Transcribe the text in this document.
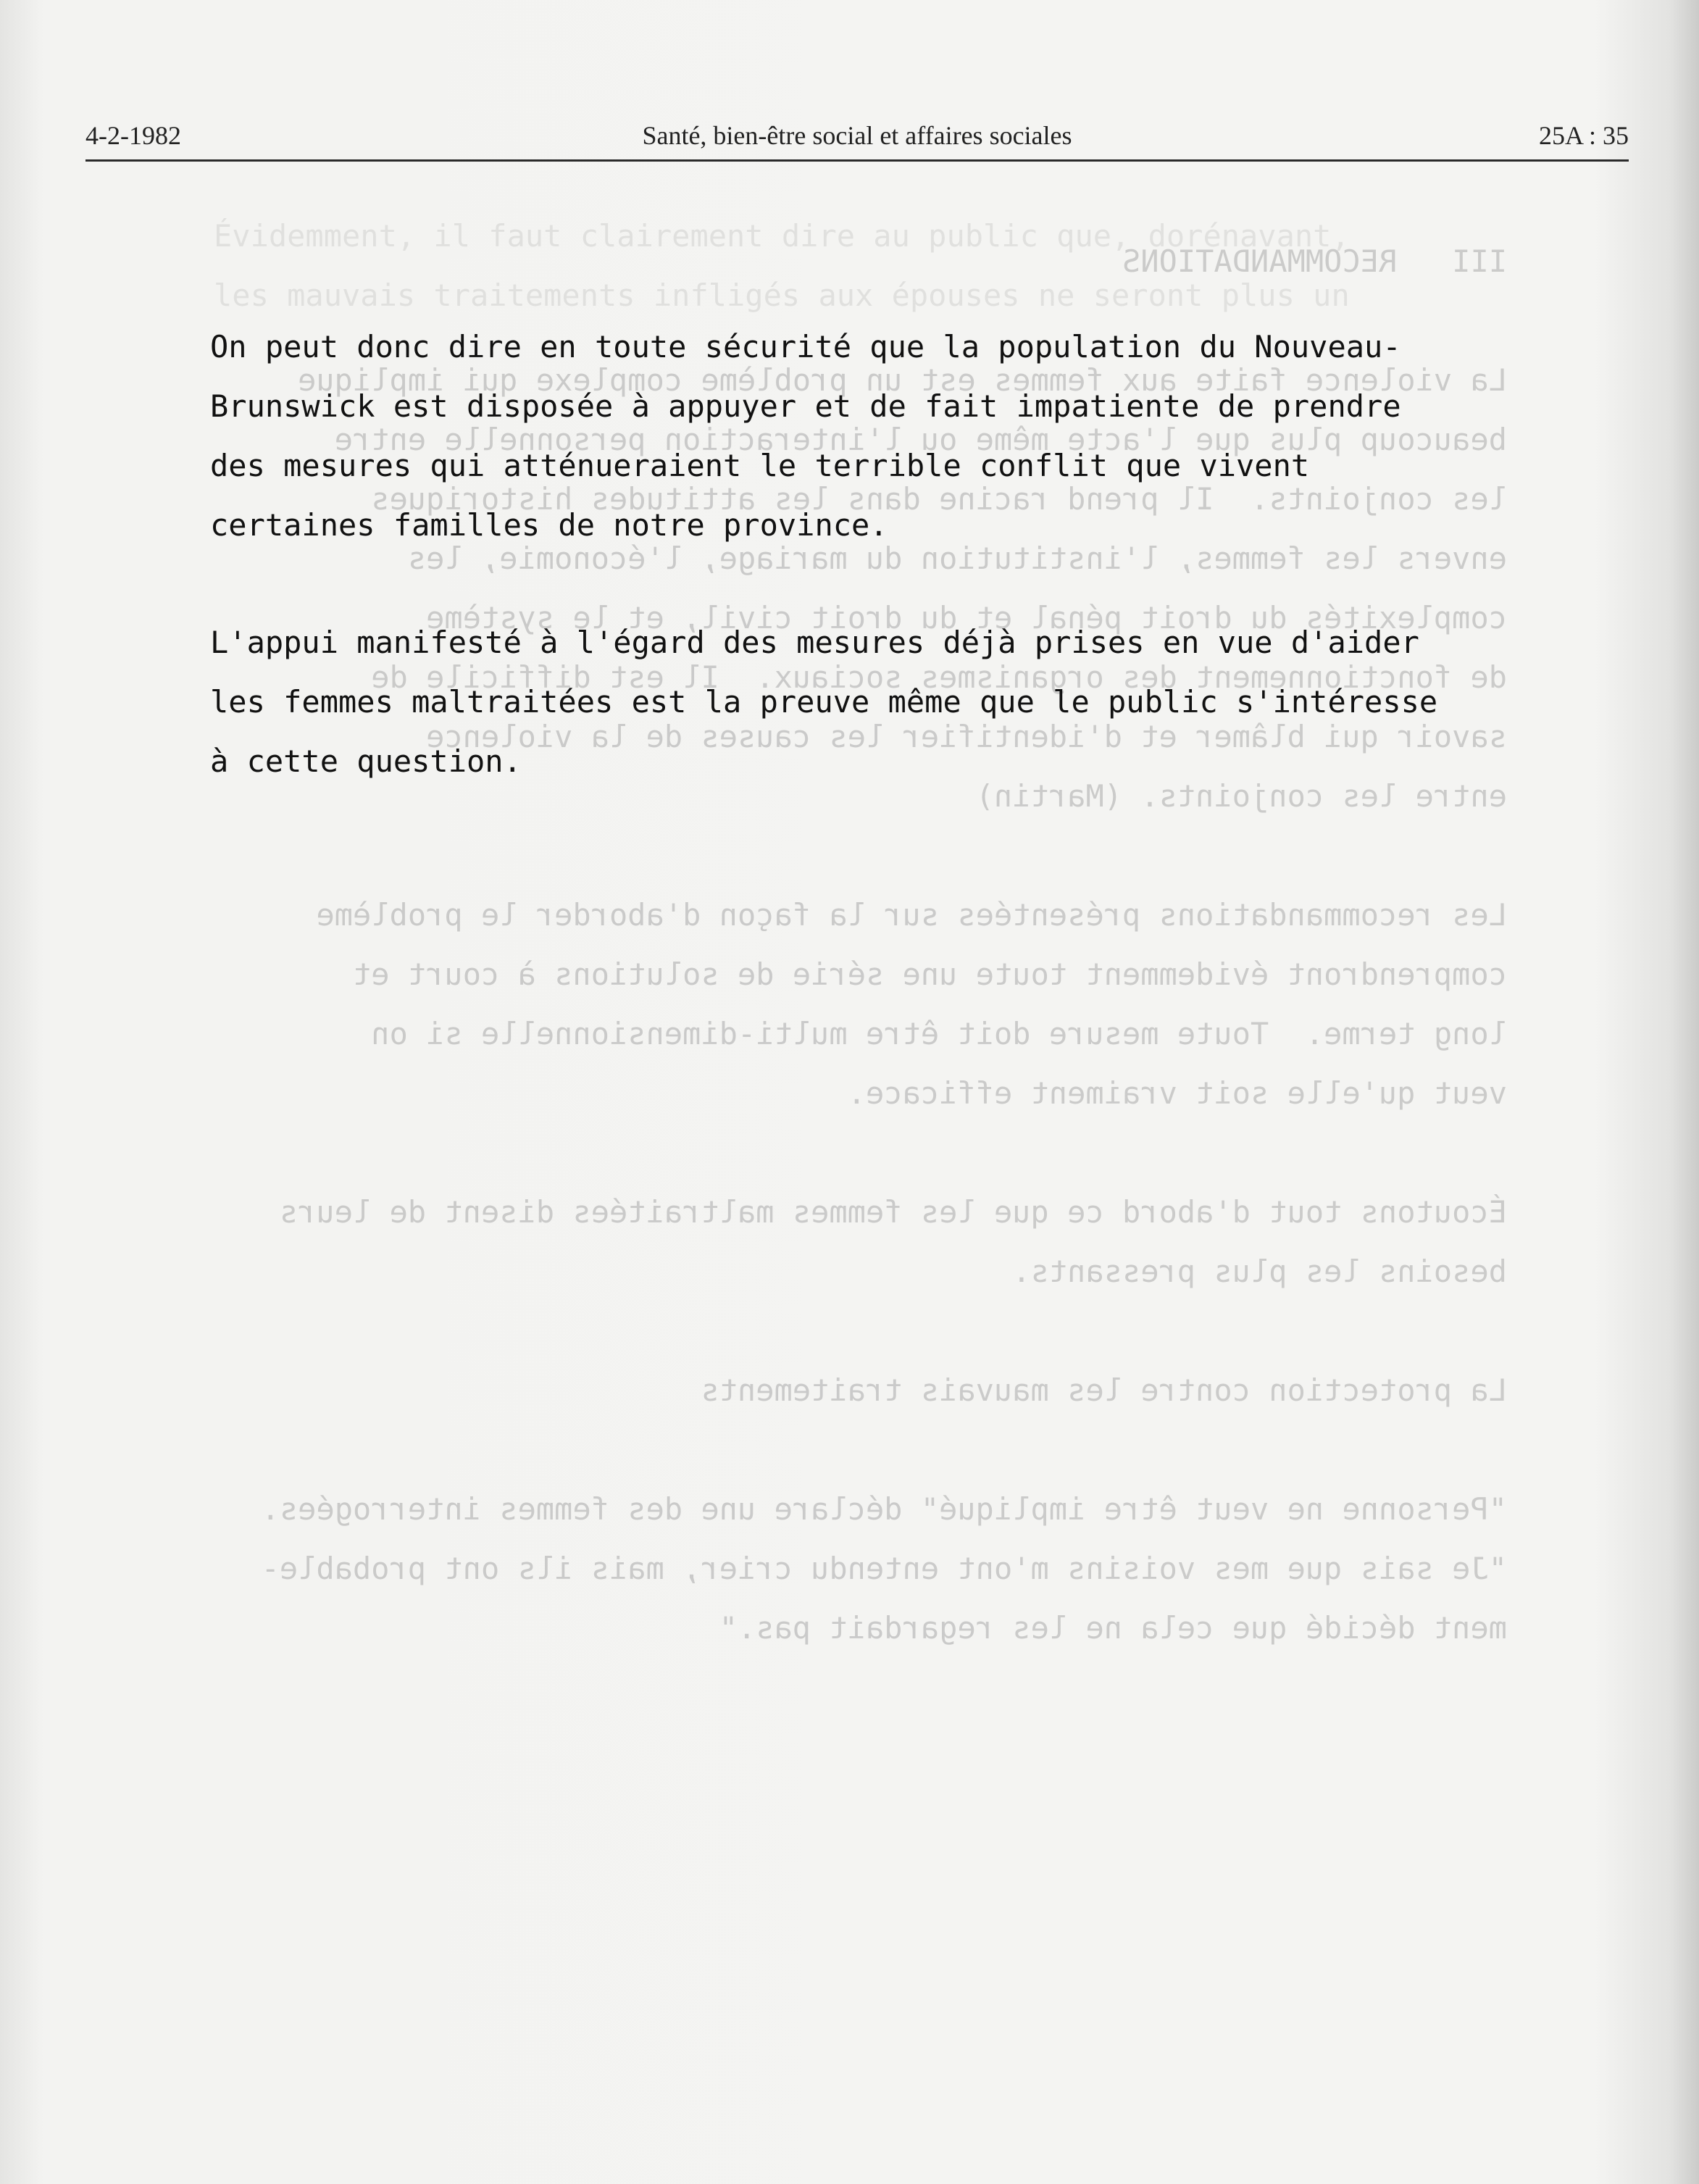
III   RECOMMANDATIONS

La violence faite aux femmes est un problème complexe qui implique
beaucoup plus que l'acte même ou l'interaction personnelle entre
les conjoints.  Il prend racine dans les attitudes historiques
envers les femmes, l'institution du mariage, l'économie, les
complexités du droit pénal et du droit civil, et le système
de fonctionnement des organismes sociaux.  Il est difficile de
savoir qui blâmer et d'identifier les causes de la violence
entre les conjoints. (Martin)

Les recommandations présentées sur la façon d'aborder le problème
comprendront évidemment toute une série de solutions à court et
long terme.  Toute mesure doit être multi-dimensionnelle si on
veut qu'elle soit vraiment efficace.

Écoutons tout d'abord ce que les femmes maltraitées disent de leurs
besoins les plus pressants.

La protection contre les mauvais traitements

"Personne ne veut être impliqué" déclare une des femmes interrogées.
"Je sais que mes voisins m'ont entendu crier, mais ils ont probable-
ment décidé que cela ne les regardait pas."
Évidemment, il faut clairement dire au public que, dorénavant,
les mauvais traitements infligés aux épouses ne seront plus un
4-2-1982	Santé, bien-être social et affaires sociales	25A : 35

On peut donc dire en toute sécurité que la population du Nouveau-
Brunswick est disposée à appuyer et de fait impatiente de prendre
des mesures qui atténueraient le terrible conflit que vivent
certaines familles de notre province.

L'appui manifesté à l'égard des mesures déjà prises en vue d'aider
les femmes maltraitées est la preuve même que le public s'intéresse
à cette question.
